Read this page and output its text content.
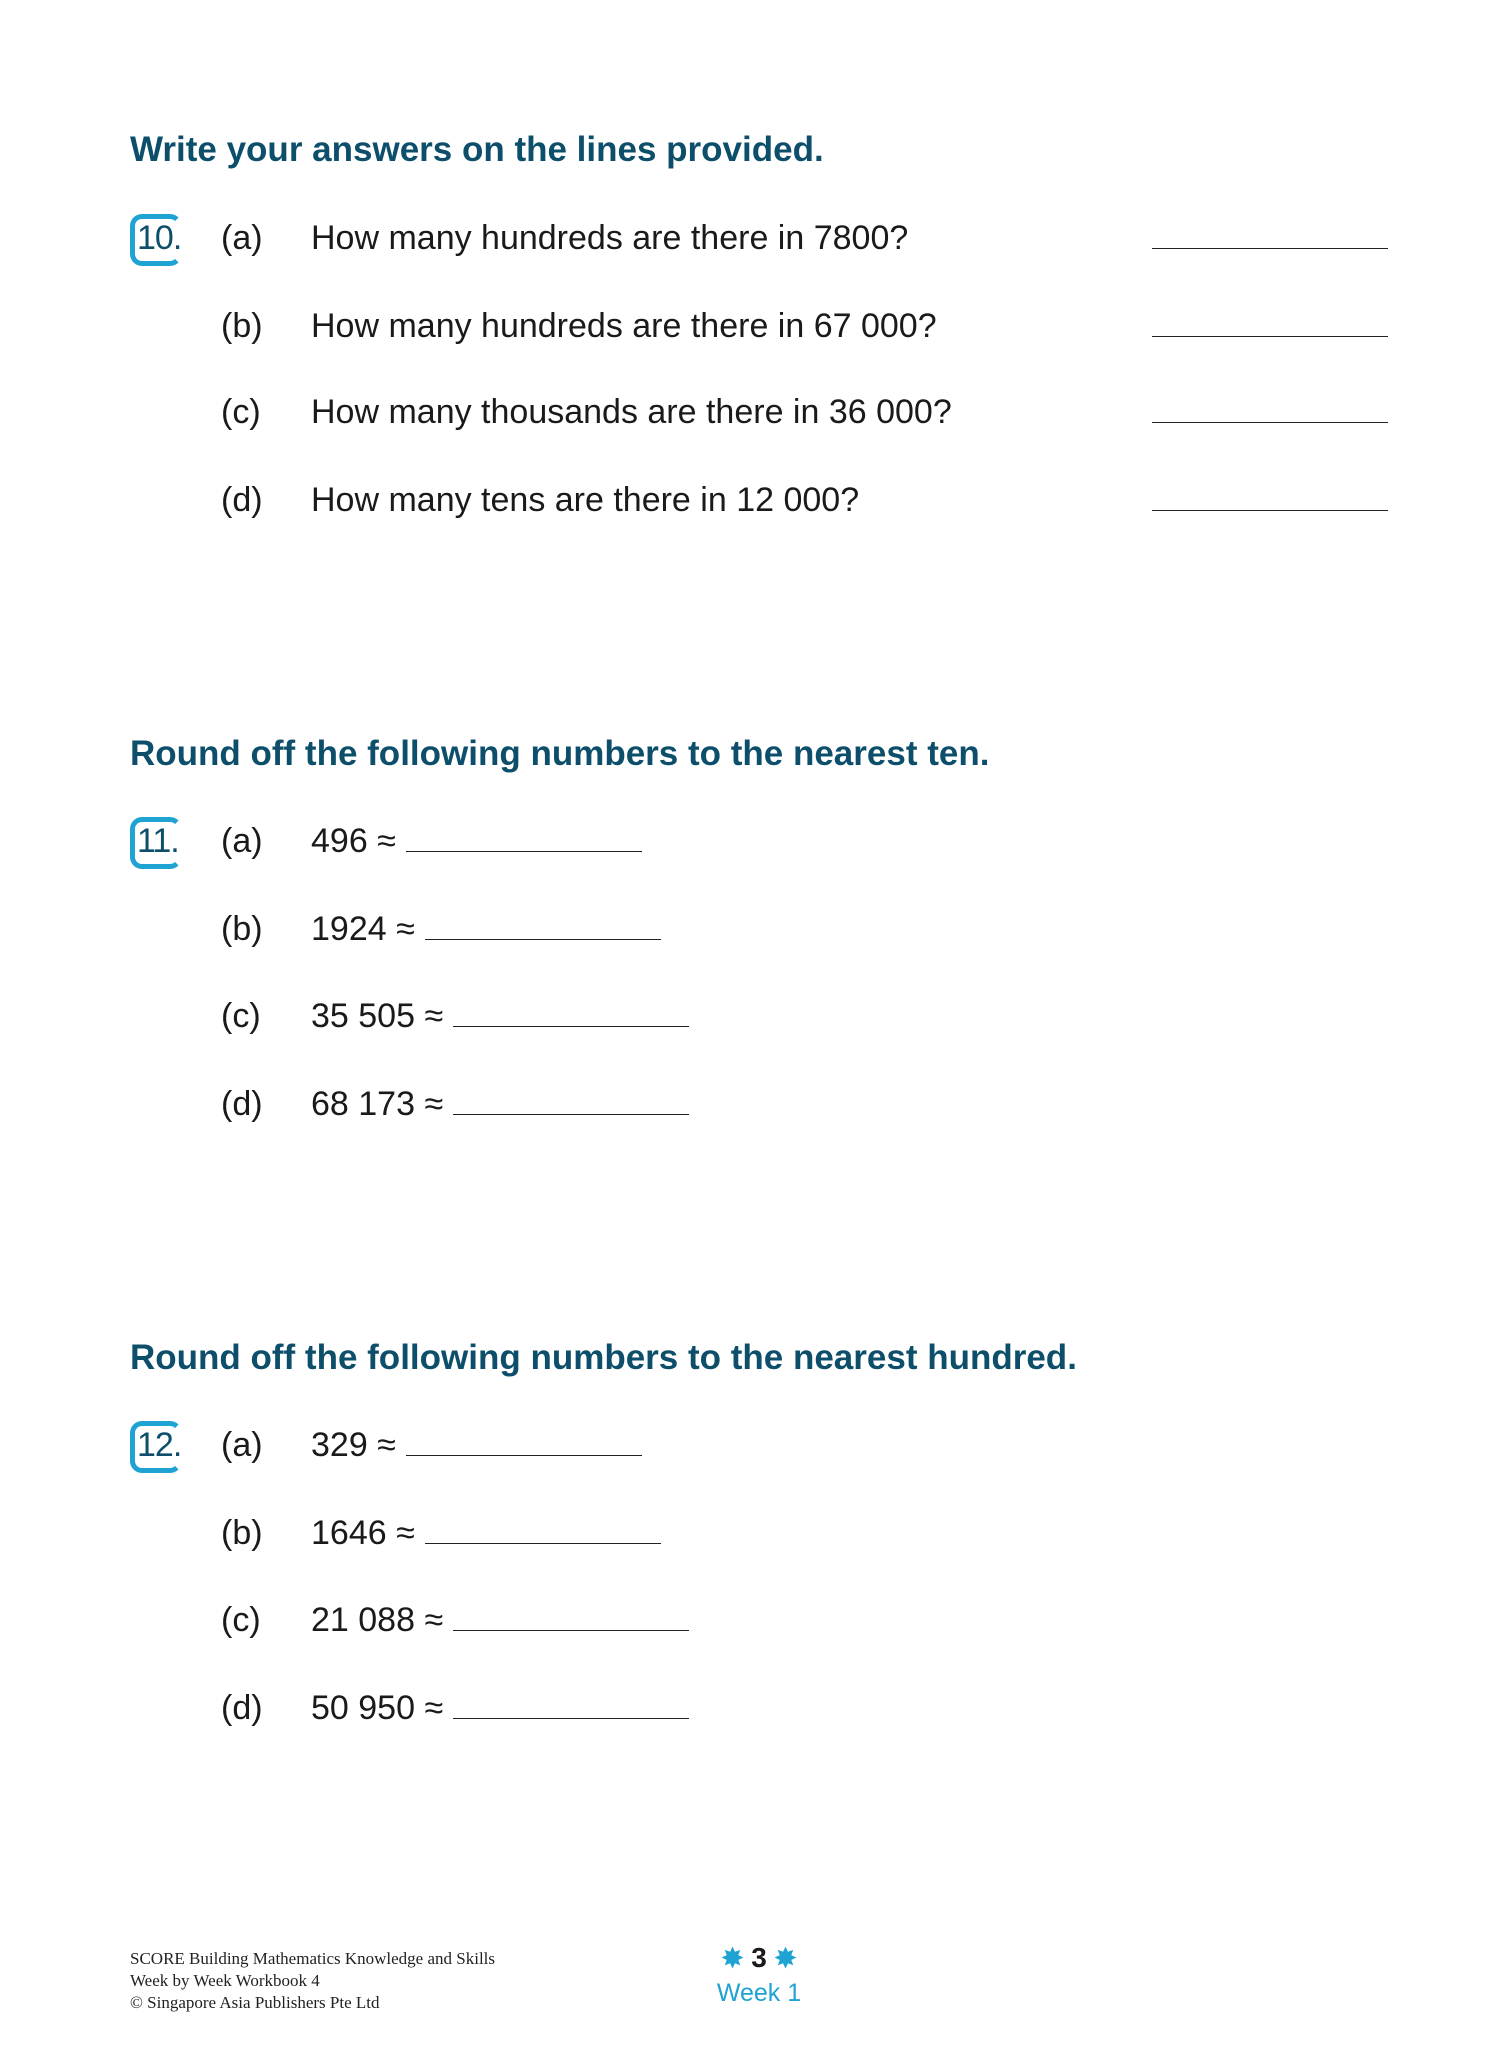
SCORE Building Mathematics Knowledge and Skills
Week by Week Workbook 4
© Singapore Asia Publishers Pte Ltd
✸ 3 ✸
Week 1
Write your answers on the lines provided.
10. (a) How many hundreds are there in 7800?
(b) How many hundreds are there in 67 000?
(c) How many thousands are there in 36 000?
(d) How many tens are there in 12 000?
Round off the following numbers to the nearest ten.
11. (a) 496 ≈
(b) 1924 ≈
(c) 35 505 ≈
(d) 68 173 ≈
Round off the following numbers to the nearest hundred.
12. (a) 329 ≈
(b) 1646 ≈
(c) 21 088 ≈
(d) 50 950 ≈
